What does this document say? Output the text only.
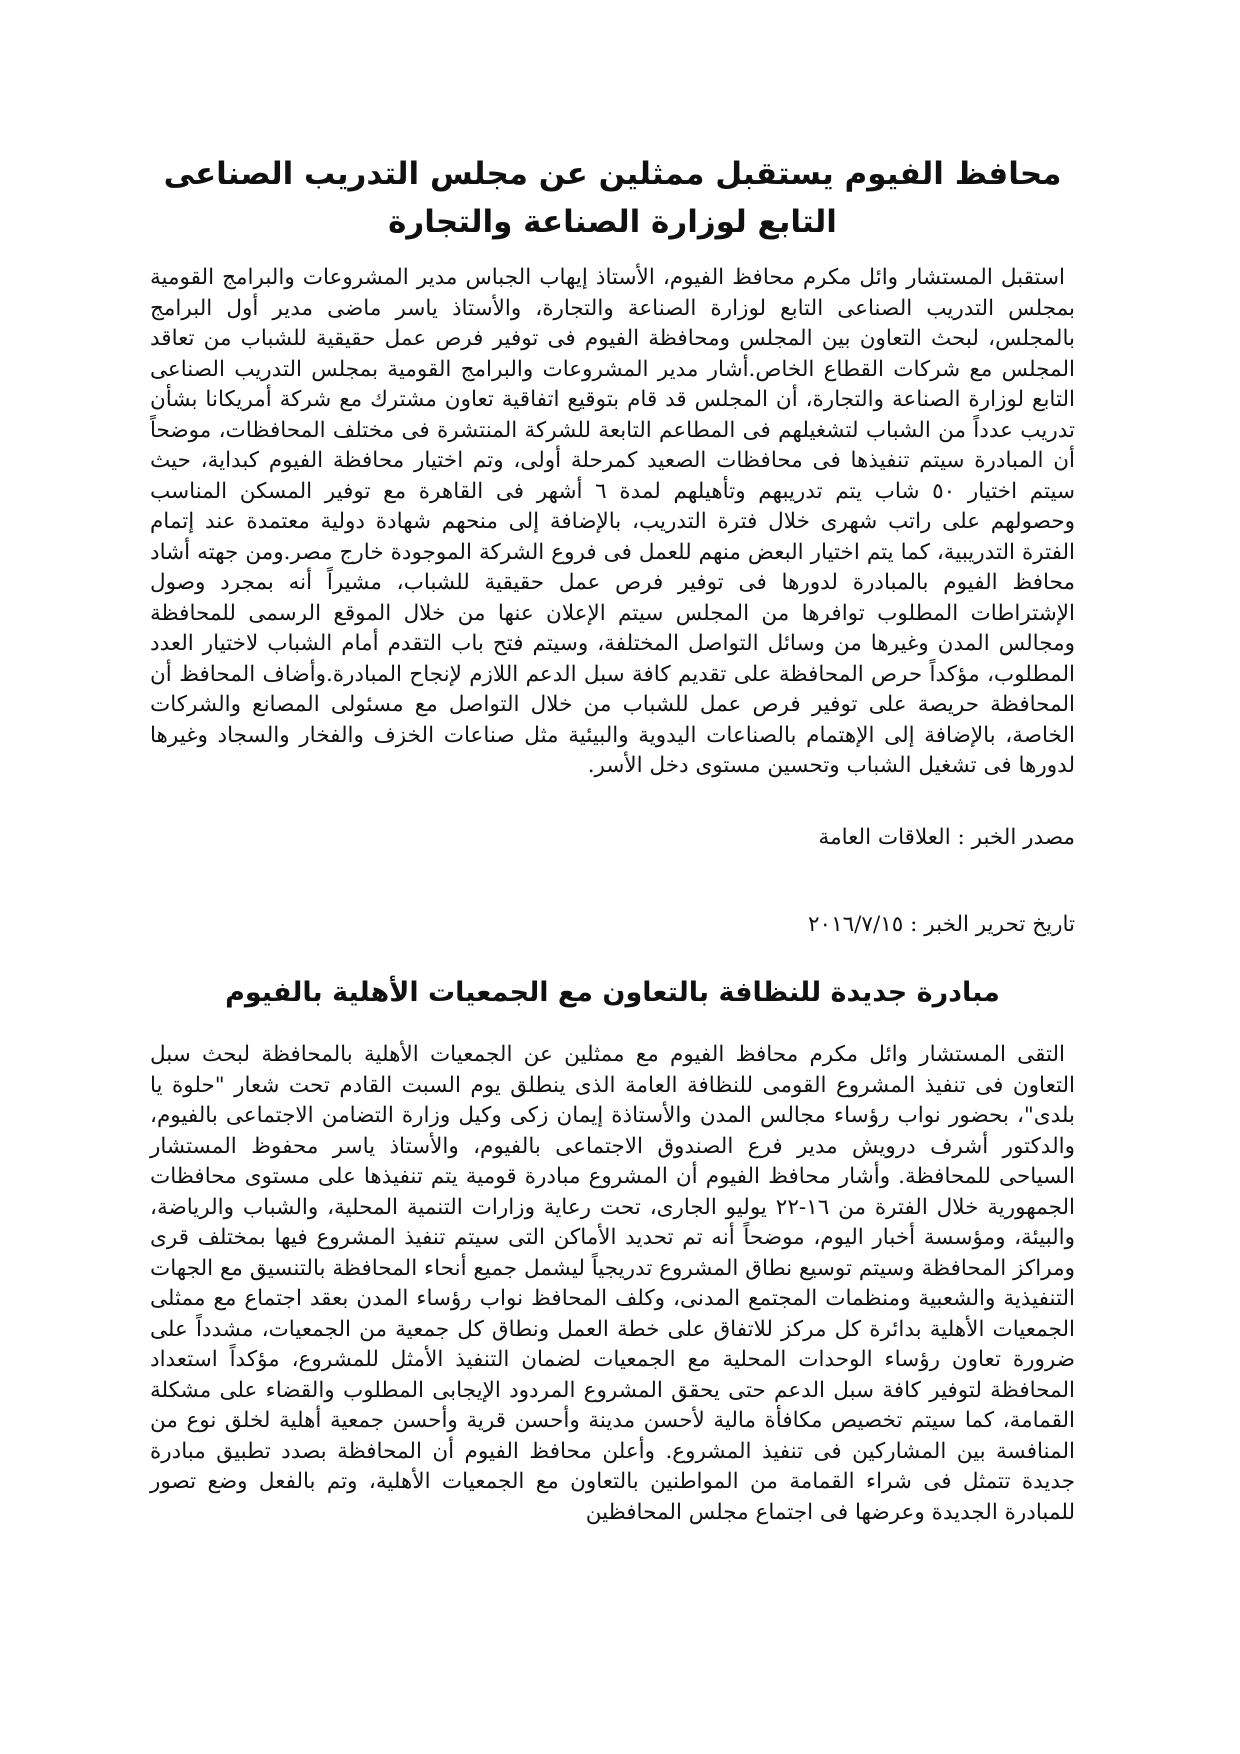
محافظ الفيوم يستقبل ممثلين عن مجلس التدريب الصناعى التابع لوزارة الصناعة والتجارة

استقبل المستشار وائل مكرم محافظ الفيوم، الأستاذ إيهاب الجباس مدير المشروعات والبرامج القومية بمجلس التدريب الصناعى التابع لوزارة الصناعة والتجارة، والأستاذ ياسر ماضى مدير أول البرامج بالمجلس، لبحث التعاون بين المجلس ومحافظة الفيوم فى توفير فرص عمل حقيقية للشباب من تعاقد المجلس مع شركات القطاع الخاص.أشار مدير المشروعات والبرامج القومية بمجلس التدريب الصناعى التابع لوزارة الصناعة والتجارة، أن المجلس قد قام بتوقيع اتفاقية تعاون مشترك مع شركة أمريكانا بشأن تدريب عدداً من الشباب لتشغيلهم فى المطاعم التابعة للشركة المنتشرة فى مختلف المحافظات، موضحاً أن المبادرة سيتم تنفيذها فى محافظات الصعيد كمرحلة أولى، وتم اختيار محافظة الفيوم كبداية، حيث سيتم اختيار ٥٠ شاب يتم تدريبهم وتأهيلهم لمدة ٦ أشهر فى القاهرة مع توفير المسكن المناسب وحصولهم على راتب شهرى خلال فترة التدريب، بالإضافة إلى منحهم شهادة دولية معتمدة عند إتمام الفترة التدريبية، كما يتم اختيار البعض منهم للعمل فى فروع الشركة الموجودة خارج مصر.ومن جهته أشاد محافظ الفيوم بالمبادرة لدورها فى توفير فرص عمل حقيقية للشباب، مشيراً أنه بمجرد وصول الإشتراطات المطلوب توافرها من المجلس سيتم الإعلان عنها من خلال الموقع الرسمى للمحافظة ومجالس المدن وغيرها من وسائل التواصل المختلفة، وسيتم فتح باب التقدم أمام الشباب لاختيار العدد المطلوب، مؤكداً حرص المحافظة على تقديم كافة سبل الدعم اللازم لإنجاح المبادرة.وأضاف المحافظ أن المحافظة حريصة على توفير فرص عمل للشباب من خلال التواصل مع مسئولى المصانع والشركات الخاصة، بالإضافة إلى الإهتمام بالصناعات اليدوية والبيئية مثل صناعات الخزف والفخار والسجاد وغيرها لدورها فى تشغيل الشباب وتحسين مستوى دخل الأسر.

مصدر الخبر : العلاقات العامة

تاريخ تحرير الخبر : ٢٠١٦/٧/١٥

مبادرة جديدة للنظافة بالتعاون مع الجمعيات الأهلية بالفيوم

التقى المستشار وائل مكرم محافظ الفيوم مع ممثلين عن الجمعيات الأهلية بالمحافظة لبحث سبل التعاون فى تنفيذ المشروع القومى للنظافة العامة الذى ينطلق يوم السبت القادم تحت شعار "حلوة يا بلدى"، بحضور نواب رؤساء مجالس المدن والأستاذة إيمان زكى وكيل وزارة التضامن الاجتماعى بالفيوم، والدكتور أشرف درويش مدير فرع الصندوق الاجتماعى بالفيوم، والأستاذ ياسر محفوظ المستشار السياحى للمحافظة. وأشار محافظ الفيوم أن المشروع مبادرة قومية يتم تنفيذها على مستوى محافظات الجمهورية خلال الفترة من ١٦-٢٢ يوليو الجارى، تحت رعاية وزارات التنمية المحلية، والشباب والرياضة، والبيئة، ومؤسسة أخبار اليوم، موضحاً أنه تم تحديد الأماكن التى سيتم تنفيذ المشروع فيها بمختلف قرى ومراكز المحافظة وسيتم توسيع نطاق المشروع تدريجياً ليشمل جميع أنحاء المحافظة بالتنسيق مع الجهات التنفيذية والشعبية ومنظمات المجتمع المدنى، وكلف المحافظ نواب رؤساء المدن بعقد اجتماع مع ممثلى الجمعيات الأهلية بدائرة كل مركز للاتفاق على خطة العمل ونطاق كل جمعية من الجمعيات، مشدداً على ضرورة تعاون رؤساء الوحدات المحلية مع الجمعيات لضمان التنفيذ الأمثل للمشروع، مؤكداً استعداد المحافظة لتوفير كافة سبل الدعم حتى يحقق المشروع المردود الإيجابى المطلوب والقضاء على مشكلة القمامة، كما سيتم تخصيص مكافأة مالية لأحسن مدينة وأحسن قرية وأحسن جمعية أهلية لخلق نوع من المنافسة بين المشاركين فى تنفيذ المشروع. وأعلن محافظ الفيوم أن المحافظة بصدد تطبيق مبادرة جديدة تتمثل فى شراء القمامة من المواطنين بالتعاون مع الجمعيات الأهلية، وتم بالفعل وضع تصور للمبادرة الجديدة وعرضها فى اجتماع مجلس المحافظين
